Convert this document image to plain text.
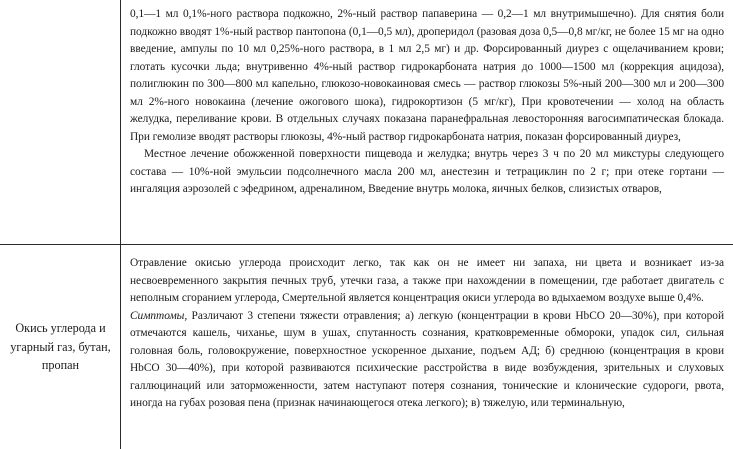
0,1—1 мл 0,1%-ного раствора подкожно, 2%-ный раствор папаверина — 0,2—1 мл внутримышечно). Для снятия боли подкожно вводят 1%-ный раствор пантопона (0,1—0,5 мл), дроперидол (разовая доза 0,5—0,8 мг/кг, не более 15 мг на одно введение, ампулы по 10 мл 0,25%-ного раствора, в 1 мл 2,5 мг) и др. Форсированный диурез с ощелачиванием крови; глотать кусочки льда; внутривенно 4%-ный раствор гидрокарбоната натрия до 1000—1500 мл (коррекция ацидоза), полиглюкин по 300—800 мл капельно, глюкозо-новокаиновая смесь — раствор глюкозы 5%-ный 200—300 мл и 200—300 мл 2%-ного новокаина (лечение ожогового шока), гидрокортизон (5 мг/кг), При кровотечении — холод на область желудка, переливание крови. В отдельных случаях показана паранефральная левосторонняя вагосимпатическая блокада. При гемолизе вводят растворы глюкозы, 4%-ный раствор гидрокарбоната натрия, показан форсированный диурез,

Местное лечение обожженной поверхности пищевода и желудка; внутрь через 3 ч по 20 мл микстуры следующего состава — 10%-ной эмульсии подсолнечного масла 200 мл, анестезин и тетрациклин по 2 г; при отеке гортани — ингаляция аэрозолей с эфедрином, адреналином, Введение внутрь молока, яичных белков, слизистых отваров,

Окись углерода и угарный газ, бутан, пропан

Отравление окисью углерода происходит легко, так как он не имеет ни запаха, ни цвета и возникает из-за несвоевременного закрытия печных труб, утечки газа, а также при нахождении в помещении, где работает двигатель с неполным сгоранием углерода, Смертельной является концентрация окиси углерода во вдыхаемом воздухе выше 0,4%.

Симптомы, Различают 3 степени тяжести отравления; а) легкую (концентрации в крови НbСО 20—30%), при которой отмечаются кашель, чиханье, шум в ушах, спутанность сознания, кратковременные обмороки, упадок сил, сильная головная боль, головокружение, поверхностное ускоренное дыхание, подъем АД; б) среднюю (концентрация в крови НbСО 30—40%), при которой развиваются психические расстройства в виде возбуждения, зрительных и слуховых галлюцинаций или заторможенности, затем наступают потеря сознания, тонические и клонические судороги, рвота, иногда на губах розовая пена (признак начинающегося отека легкого); в) тяжелую, или терминальную,
